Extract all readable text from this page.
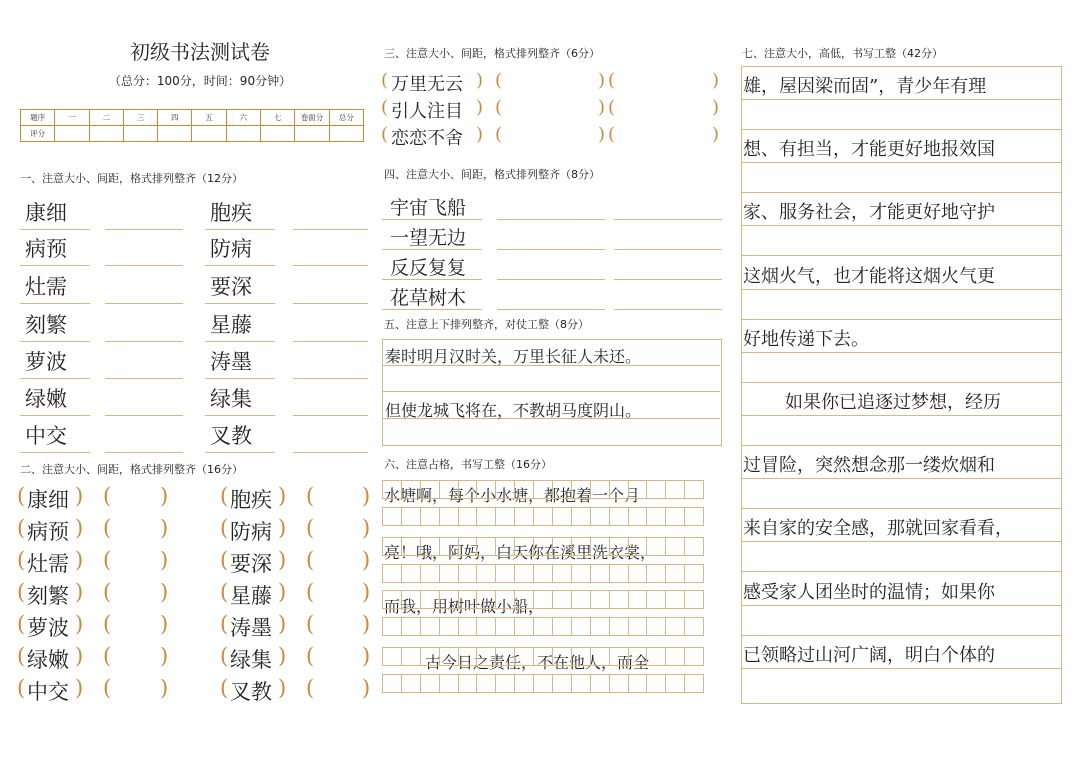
初级书法测试卷
（总分：100分，时间：90分钟）
题序	一	二	三	四	五	六	七	卷面分	总分
评分									
一、注意大小、间距，格式排列整齐（12分）
二、注意大小、间距，格式排列整齐（16分）
三、注意大小、间距，格式排列整齐（6分）
四、注意大小、间距，格式排列整齐（8分）
五、注意上下排列整齐，对仗工整（8分）
秦时明月汉时关，万里长征人未还。
但使龙城飞将在，不教胡马度阴山。
六、注意占格，书写工整（16分）
水塘啊，每个小水塘，都抱着一个月
亮！哦，阿妈，白天你在溪里洗衣裳，
而我，用树叶做小船，
古今日之责任，不在他人，而全
七、注意大小，高低，书写工整（42分）
康细	胞疾
病预	防病
灶需	要深
刻繁	星藤
萝波	涛墨
绿嫩	绿集
中交	叉教
( 康细 ) ( ) ( 胞疾 ) ( )
( 病预 ) ( ) ( 防病 ) ( )
( 灶需 ) ( ) ( 要深 ) ( )
( 刻繁 ) ( ) ( 星藤 ) ( )
( 萝波 ) ( ) ( 涛墨 ) ( )
( 绿嫩 ) ( ) ( 绿集 ) ( )
( 中交 ) ( ) ( 叉教 ) ( )
( 万里无云 ) (	) (	)
( 引人注目 ) (	) (	)
( 恋恋不舍 ) (	) (	)
宇宙飞船
一望无边
反反复复
花草树木
雄，屋因梁而固”，青少年有理
想、有担当，才能更好地报效国
家、服务社会，才能更好地守护
这烟火气，也才能将这烟火气更
好地传递下去。
如果你已追逐过梦想，经历
过冒险，突然想念那一缕炊烟和
来自家的安全感，那就回家看看，
感受家人团坐时的温情；如果你
已领略过山河广阔，明白个体的
